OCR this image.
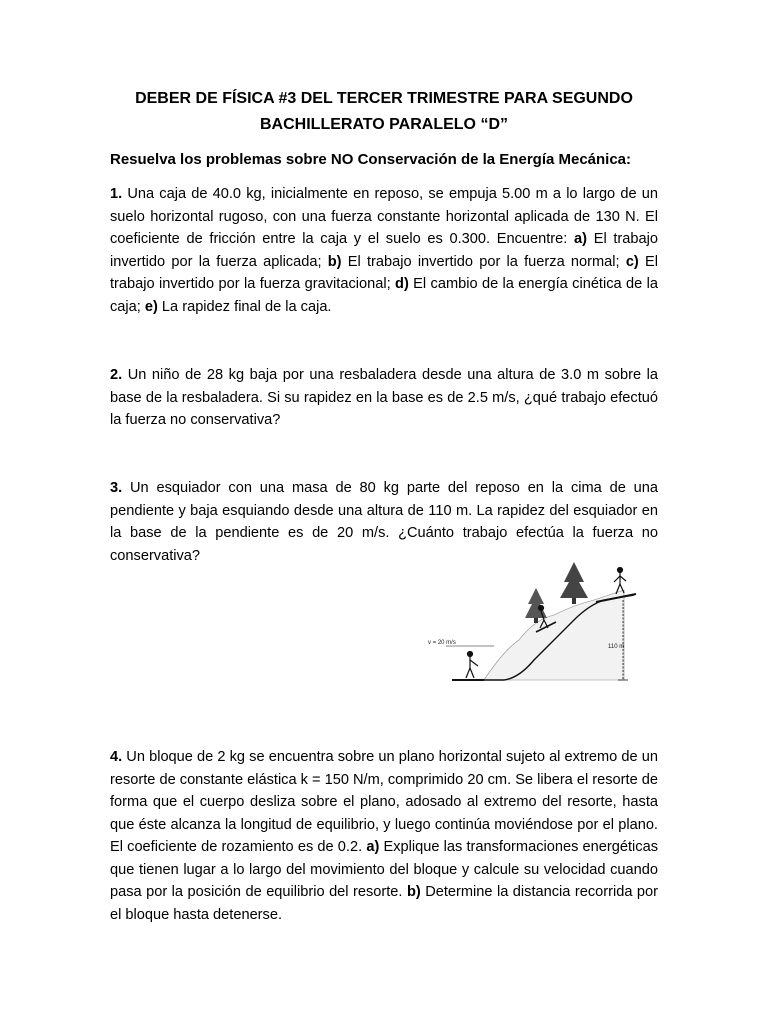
DEBER DE FÍSICA #3 DEL TERCER TRIMESTRE PARA SEGUNDO
BACHILLERATO PARALELO “D”

Resuelva los problemas sobre NO Conservación de la Energía Mecánica:

1. Una caja de 40.0 kg, inicialmente en reposo, se empuja 5.00 m a lo largo de un suelo horizontal rugoso, con una fuerza constante horizontal aplicada de 130 N. El coeficiente de fricción entre la caja y el suelo es 0.300. Encuentre: a) El trabajo invertido por la fuerza aplicada; b) El trabajo invertido por la fuerza normal; c) El trabajo invertido por la fuerza gravitacional; d) El cambio de la energía cinética de la caja; e) La rapidez final de la caja.

2. Un niño de 28 kg baja por una resbaladera desde una altura de 3.0 m sobre la base de la resbaladera. Si su rapidez en la base es de 2.5 m/s, ¿qué trabajo efectuó la fuerza no conservativa?

3. Un esquiador con una masa de 80 kg parte del reposo en la cima de una pendiente y baja esquiando desde una altura de 110 m. La rapidez del esquiador en la base de la pendiente es de 20 m/s. ¿Cuánto trabajo efectúa la fuerza no conservativa?

v = 20 m/s
110 m

4. Un bloque de 2 kg se encuentra sobre un plano horizontal sujeto al extremo de un resorte de constante elástica k = 150 N/m, comprimido 20 cm. Se libera el resorte de forma que el cuerpo desliza sobre el plano, adosado al extremo del resorte, hasta que éste alcanza la longitud de equilibrio, y luego continúa moviéndose por el plano. El coeficiente de rozamiento es de 0.2. a) Explique las transformaciones energéticas que tienen lugar a lo largo del movimiento del bloque y calcule su velocidad cuando pasa por la posición de equilibrio del resorte. b) Determine la distancia recorrida por el bloque hasta detenerse.
